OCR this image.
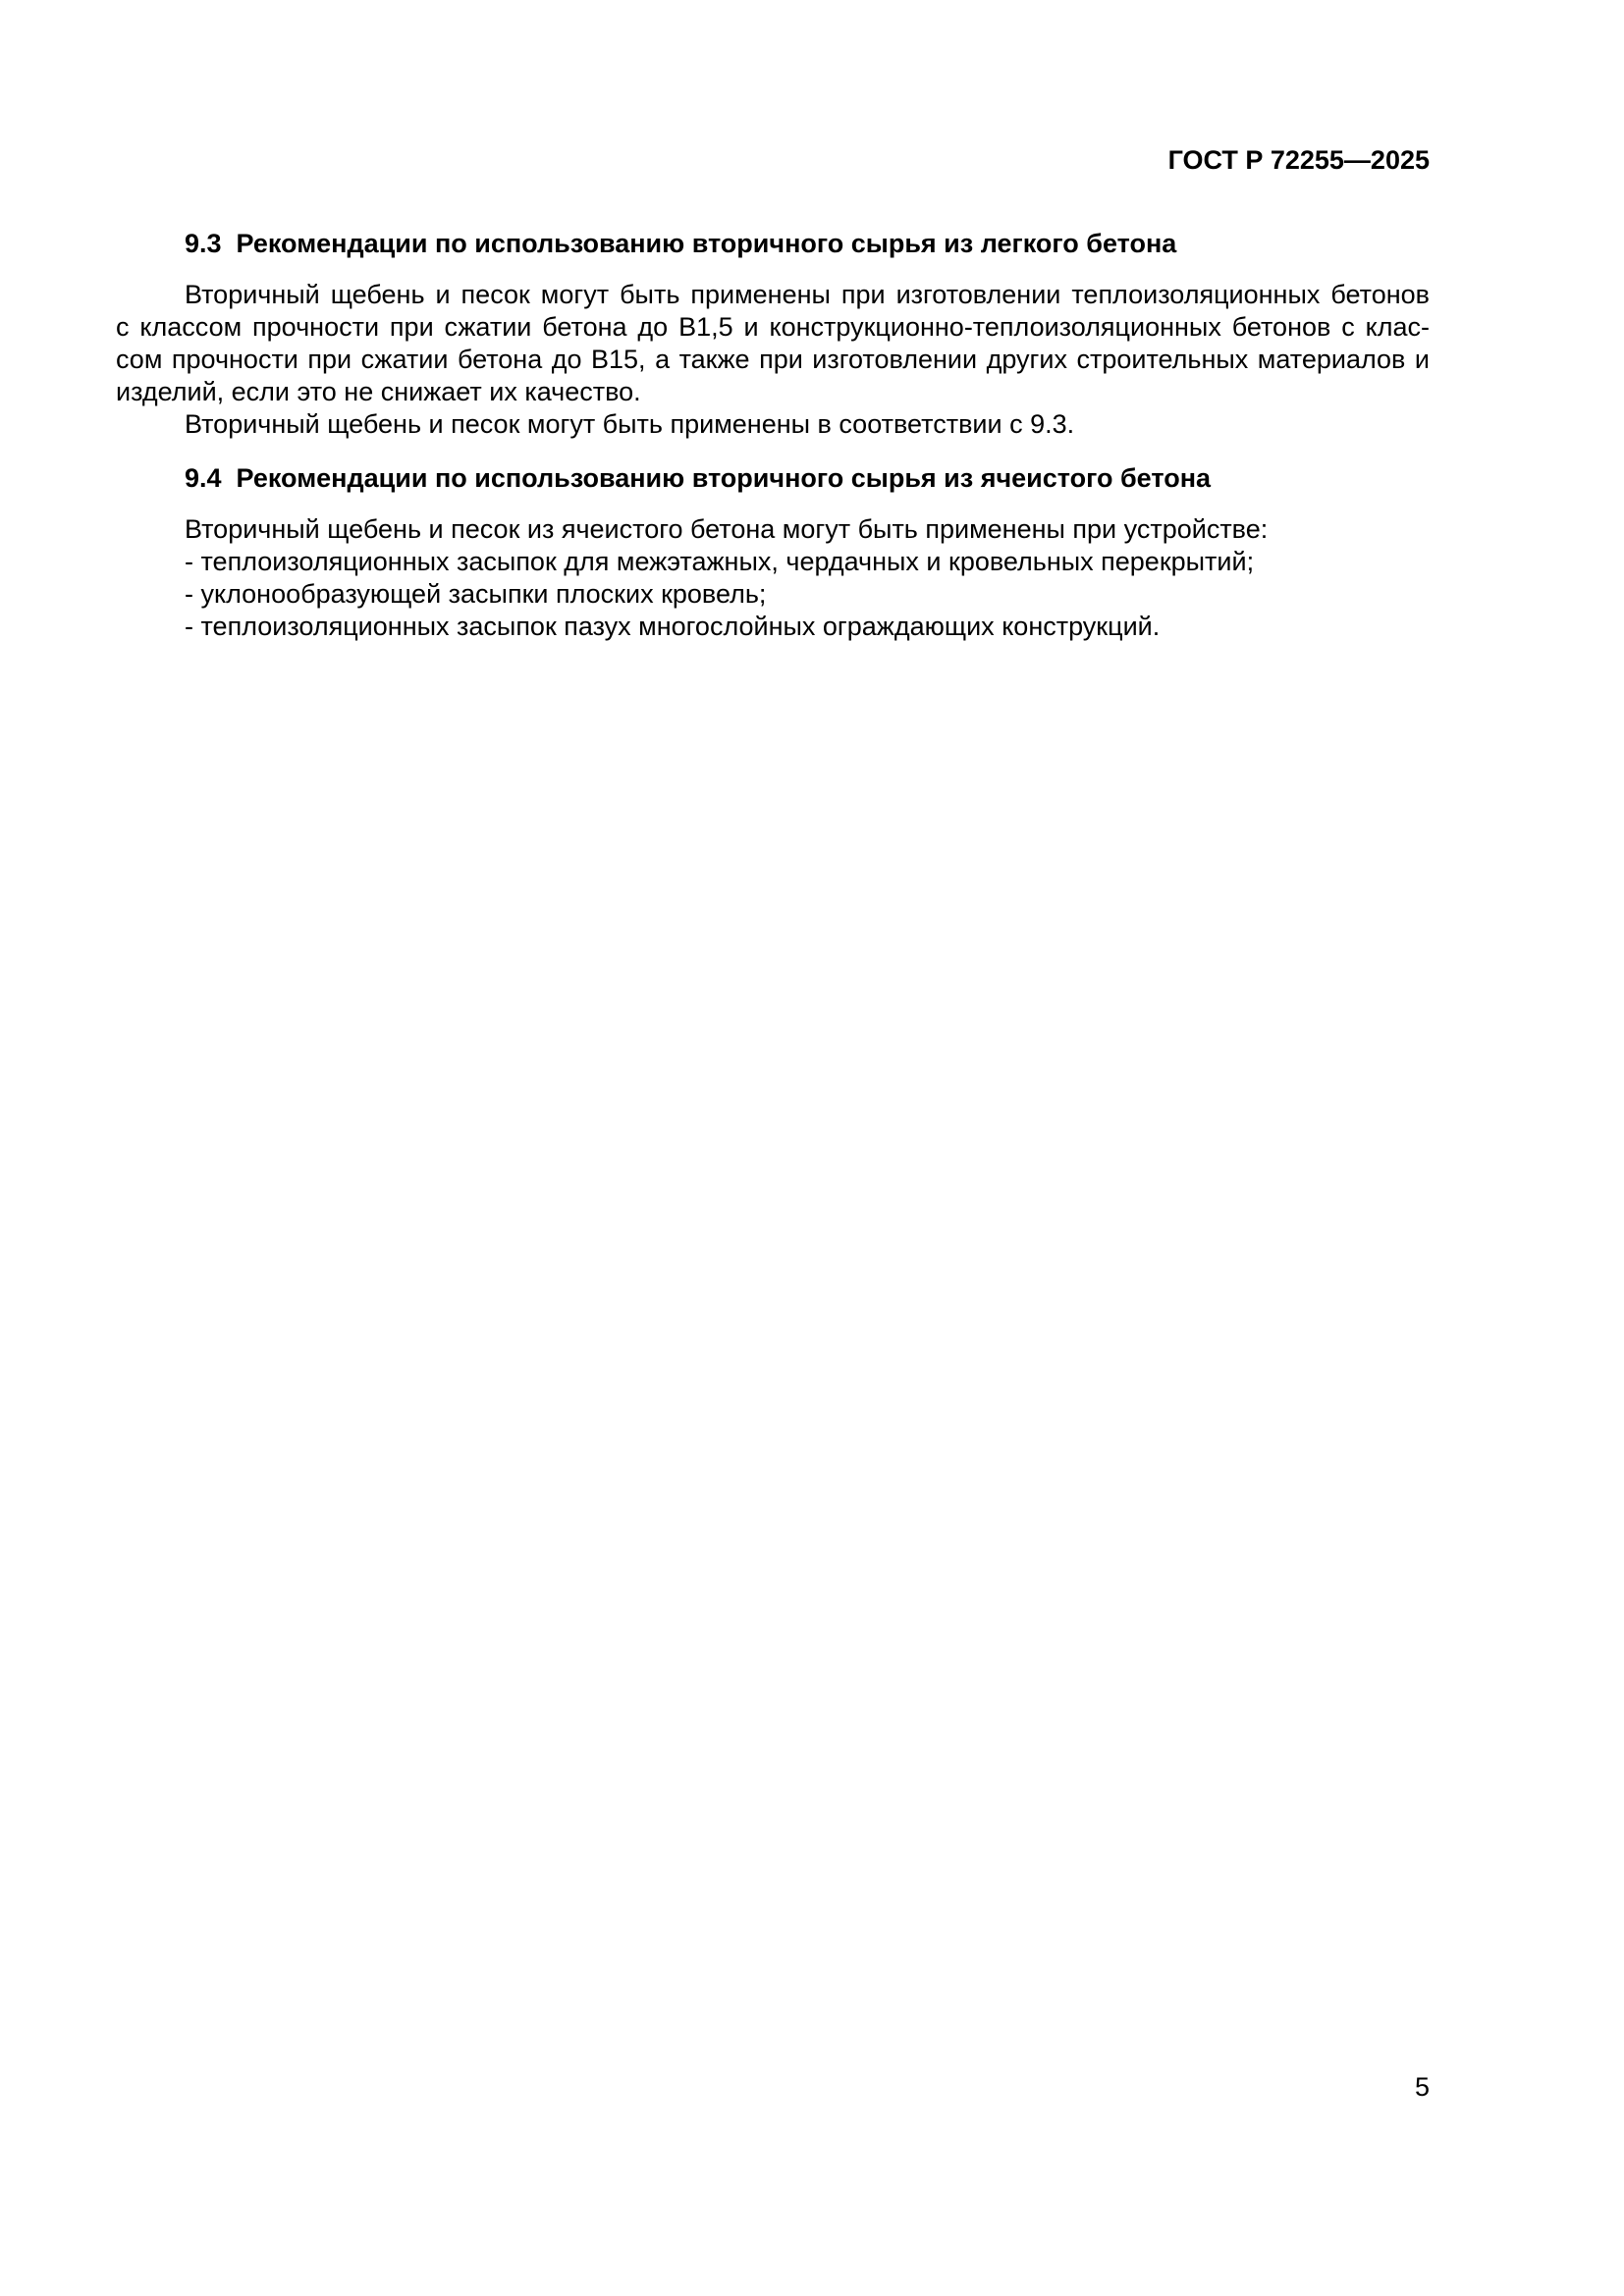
ГОСТ Р 72255—2025
9.3 Рекомендации по использованию вторичного сырья из легкого бетона
Вторичный щебень и песок могут быть применены при изготовлении теплоизоляционных бетонов
с классом прочности при сжатии бетона до В1,5 и конструкционно-теплоизоляционных бетонов с клас-
сом прочности при сжатии бетона до В15, а также при изготовлении других строительных материалов и
изделий, если это не снижает их качество.
Вторичный щебень и песок могут быть применены в соответствии с 9.3.
9.4 Рекомендации по использованию вторичного сырья из ячеистого бетона
Вторичный щебень и песок из ячеистого бетона могут быть применены при устройстве:
- теплоизоляционных засыпок для межэтажных, чердачных и кровельных перекрытий;
- уклонообразующей засыпки плоских кровель;
- теплоизоляционных засыпок пазух многослойных ограждающих конструкций.
5
